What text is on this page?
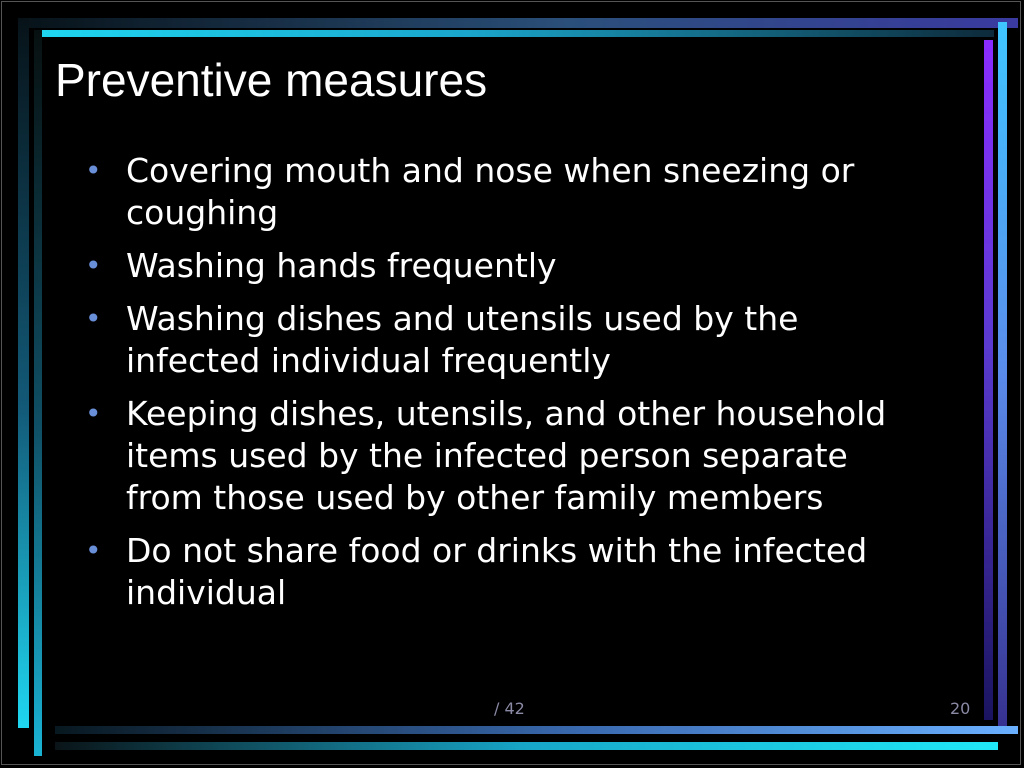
Preventive measures
• Covering mouth and nose when sneezing or coughing
• Washing hands frequently
• Washing dishes and utensils used by the infected individual frequently
• Keeping dishes, utensils, and other household items used by the infected person separate from those used by other family members
• Do not share food or drinks with the infected individual
/ 42	20
